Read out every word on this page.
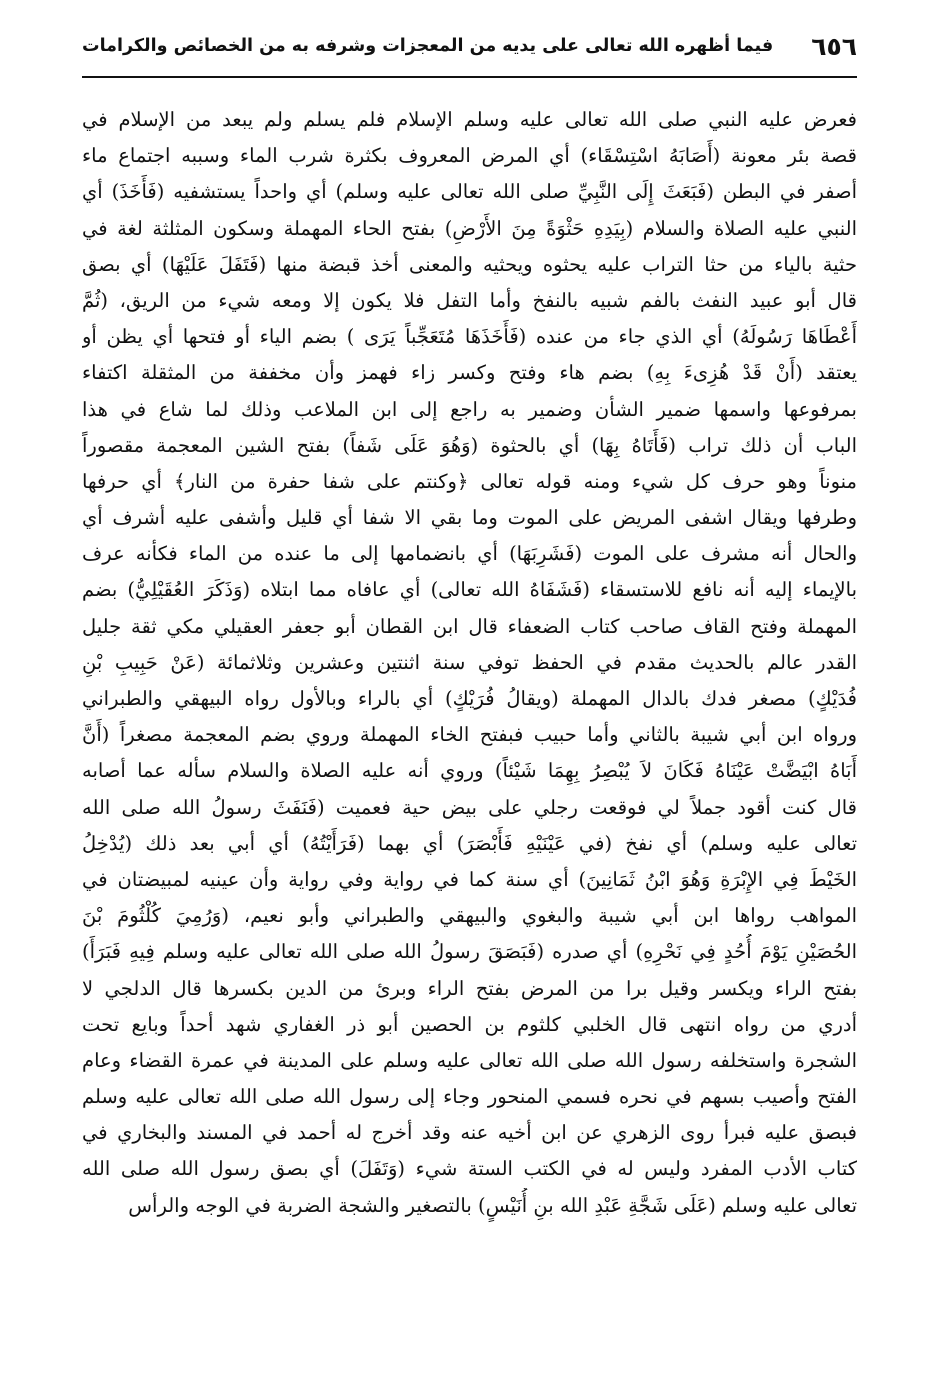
٦٥٦
فيما أظهره الله تعالى على يديه من المعجزات وشرفه به من الخصائص والكرامات
فعرض عليه النبي صلى الله تعالى عليه وسلم الإسلام فلم يسلم ولم يبعد من الإسلام في
قصة بئر معونة (أَصَابَهُ اسْتِسْقَاء) أي المرض المعروف بكثرة شرب الماء وسببه اجتماع ماء
أصفر في البطن (فَبَعَثَ إِلَى النَّبِيِّ صلى الله تعالى عليه وسلم) أي واحداً يستشفيه (فَأَخَذَ) أي
النبي عليه الصلاة والسلام (بِيَدِهِ حَثْوَةً مِنَ الأَرْضِ) بفتح الحاء المهملة وسكون المثلثة لغة في
حثية بالياء من حثا التراب عليه يحثوه ويحثيه والمعنى أخذ قبضة منها (فَتَفَلَ عَلَيْهَا) أي بصق
قال أبو عبيد النفث بالفم شبيه بالنفخ وأما التفل فلا يكون إلا ومعه شيء من الريق، (ثُمَّ
أَعْطَاهَا رَسُولَهُ) أي الذي جاء من عنده (فَأَخَذَهَا مُتَعَجِّباً يَرَى ) بضم الياء أو فتحها أي يظن أو
يعتقد (أَنْ قَدْ هُزِىءَ بِهِ) بضم هاء وفتح وكسر زاء فهمز وأن مخففة من المثقلة اكتفاء
بمرفوعها واسمها ضمير الشأن وضمير به راجع إلى ابن الملاعب وذلك لما شاع في هذا
الباب أن ذلك تراب (فَأَتَاهُ بِهَا) أي بالحثوة (وَهُوَ عَلَى شَفاً) بفتح الشين المعجمة مقصوراً
منوناً وهو حرف كل شيء ومنه قوله تعالى ﴿وكنتم على شفا حفرة من النار﴾ أي حرفها
وطرفها ويقال اشفى المريض على الموت وما بقي الا شفا أي قليل وأشفى عليه أشرف أي
والحال أنه مشرف على الموت (فَشَرِبَهَا) أي بانضمامها إلى ما عنده من الماء فكأنه عرف
بالإيماء إليه أنه نافع للاستسقاء (فَشَفَاهُ الله تعالى) أي عافاه مما ابتلاه (وَذَكَرَ العُقَيْلِيُّ) بضم
المهملة وفتح القاف صاحب كتاب الضعفاء قال ابن القطان أبو جعفر العقيلي مكي ثقة جليل
القدر عالم بالحديث مقدم في الحفظ توفي سنة اثنتين وعشرين وثلاثمائة (عَنْ حَبِيبِ بْنِ
فُدَيْكٍ) مصغر فدك بالدال المهملة (ويقالُ فُرَيْكٍ) أي بالراء وبالأول رواه البيهقي والطبراني
ورواه ابن أبي شيبة بالثاني وأما حبيب فبفتح الخاء المهملة وروي بضم المعجمة مصغراً (أَنَّ
أَبَاهُ ابْيَضَّتْ عَيْنَاهُ فَكَانَ لاَ يُبْصِرُ بِهِمَا شَيْئاً) وروي أنه عليه الصلاة والسلام سأله عما أصابه
قال كنت أقود جملاً لي فوقعت رجلي على بيض حية فعميت (فَنَفَثَ رسولُ الله صلى الله
تعالى عليه وسلم) أي نفخ (في عَيْنَيْهِ فَأَبْصَرَ) أي بهما (فَرَأَيْتُهُ) أي أبي بعد ذلك (يُدْخِلُ
الخَيْطَ فِي الإِبْرَةِ وَهُوَ ابْنُ ثَمَانِينَ) أي سنة كما في رواية وفي رواية وأن عينيه لمبيضتان في
المواهب رواها ابن أبي شيبة والبغوي والبيهقي والطبراني وأبو نعيم، (وَرُمِيَ كُلْثُومَ بْنَ
الحُصَيْنِ يَوْمَ أُحُدٍ فِي نَحْرِهِ) أي صدره (فَبَصَقَ رسولُ الله صلى الله تعالى عليه وسلم فِيهِ فَبَرَأَ)
بفتح الراء ويكسر وقيل برا من المرض بفتح الراء وبرئ من الدين بكسرها قال الدلجي لا
أدري من رواه انتهى قال الخلبي كلثوم بن الحصين أبو ذر الغفاري شهد أحداً وبايع تحت
الشجرة واستخلفه رسول الله صلى الله تعالى عليه وسلم على المدينة في عمرة القضاء وعام
الفتح وأصيب بسهم في نحره فسمي المنحور وجاء إلى رسول الله صلى الله تعالى عليه وسلم
فبصق عليه فبرأ روى الزهري عن ابن أخيه عنه وقد أخرج له أحمد في المسند والبخاري في
كتاب الأدب المفرد وليس له في الكتب الستة شيء (وَتَفَلَ) أي بصق رسول الله صلى الله
تعالى عليه وسلم (عَلَى شَجَّةِ عَبْدِ الله بنِ أُنَيْسٍ) بالتصغير والشجة الضربة في الوجه والرأس
